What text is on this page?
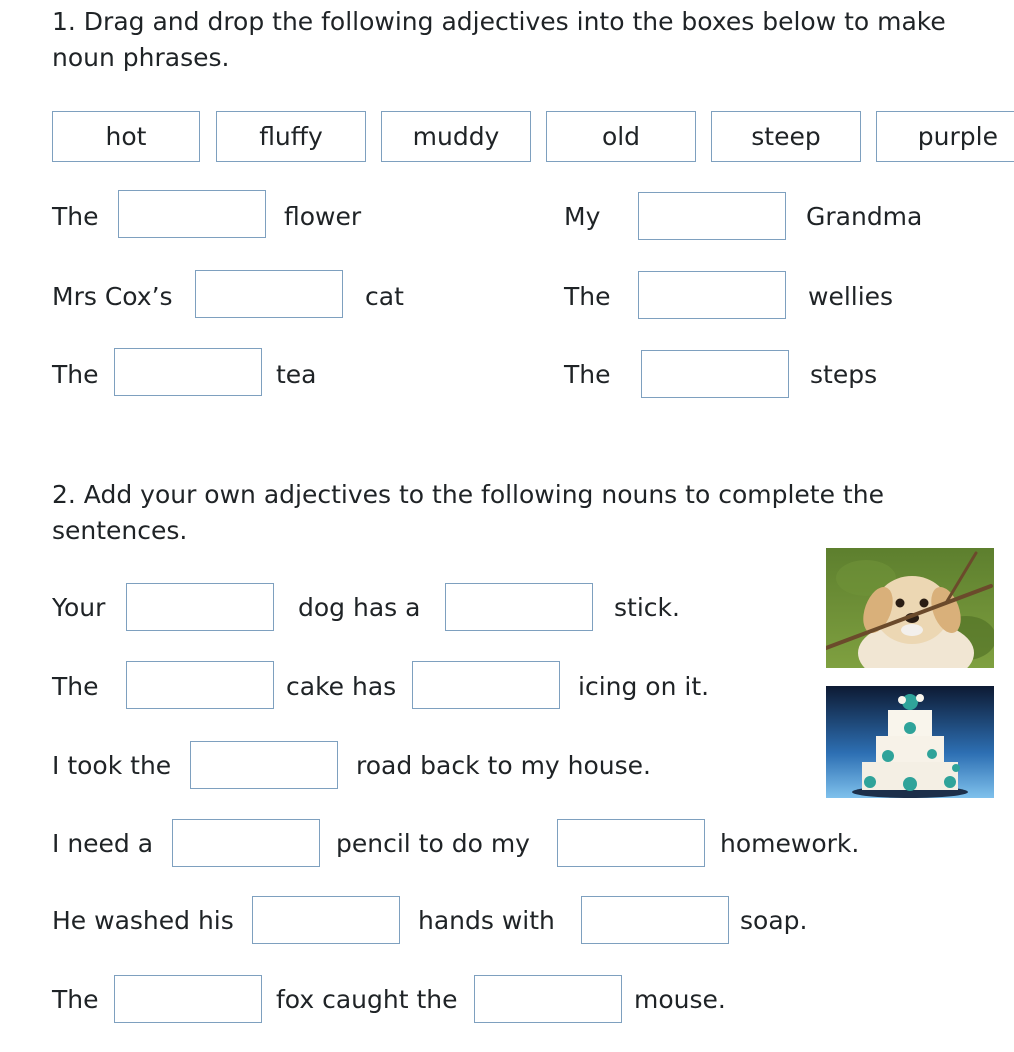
1. Drag and drop the following adjectives into the boxes below to make noun phrases.

hot	fluffy	muddy	old	steep	purple
The	flower
Mrs Cox’s	cat
The	tea
My	Grandma
The	wellies
The	steps

2. Add your own adjectives to the following nouns to complete the sentences.

Your	dog has a	stick.
The	cake has	icing on it.
I took the	road back to my house.
I need a	pencil to do my	homework.
He washed his	hands with	soap.
The	fox caught the	mouse.
